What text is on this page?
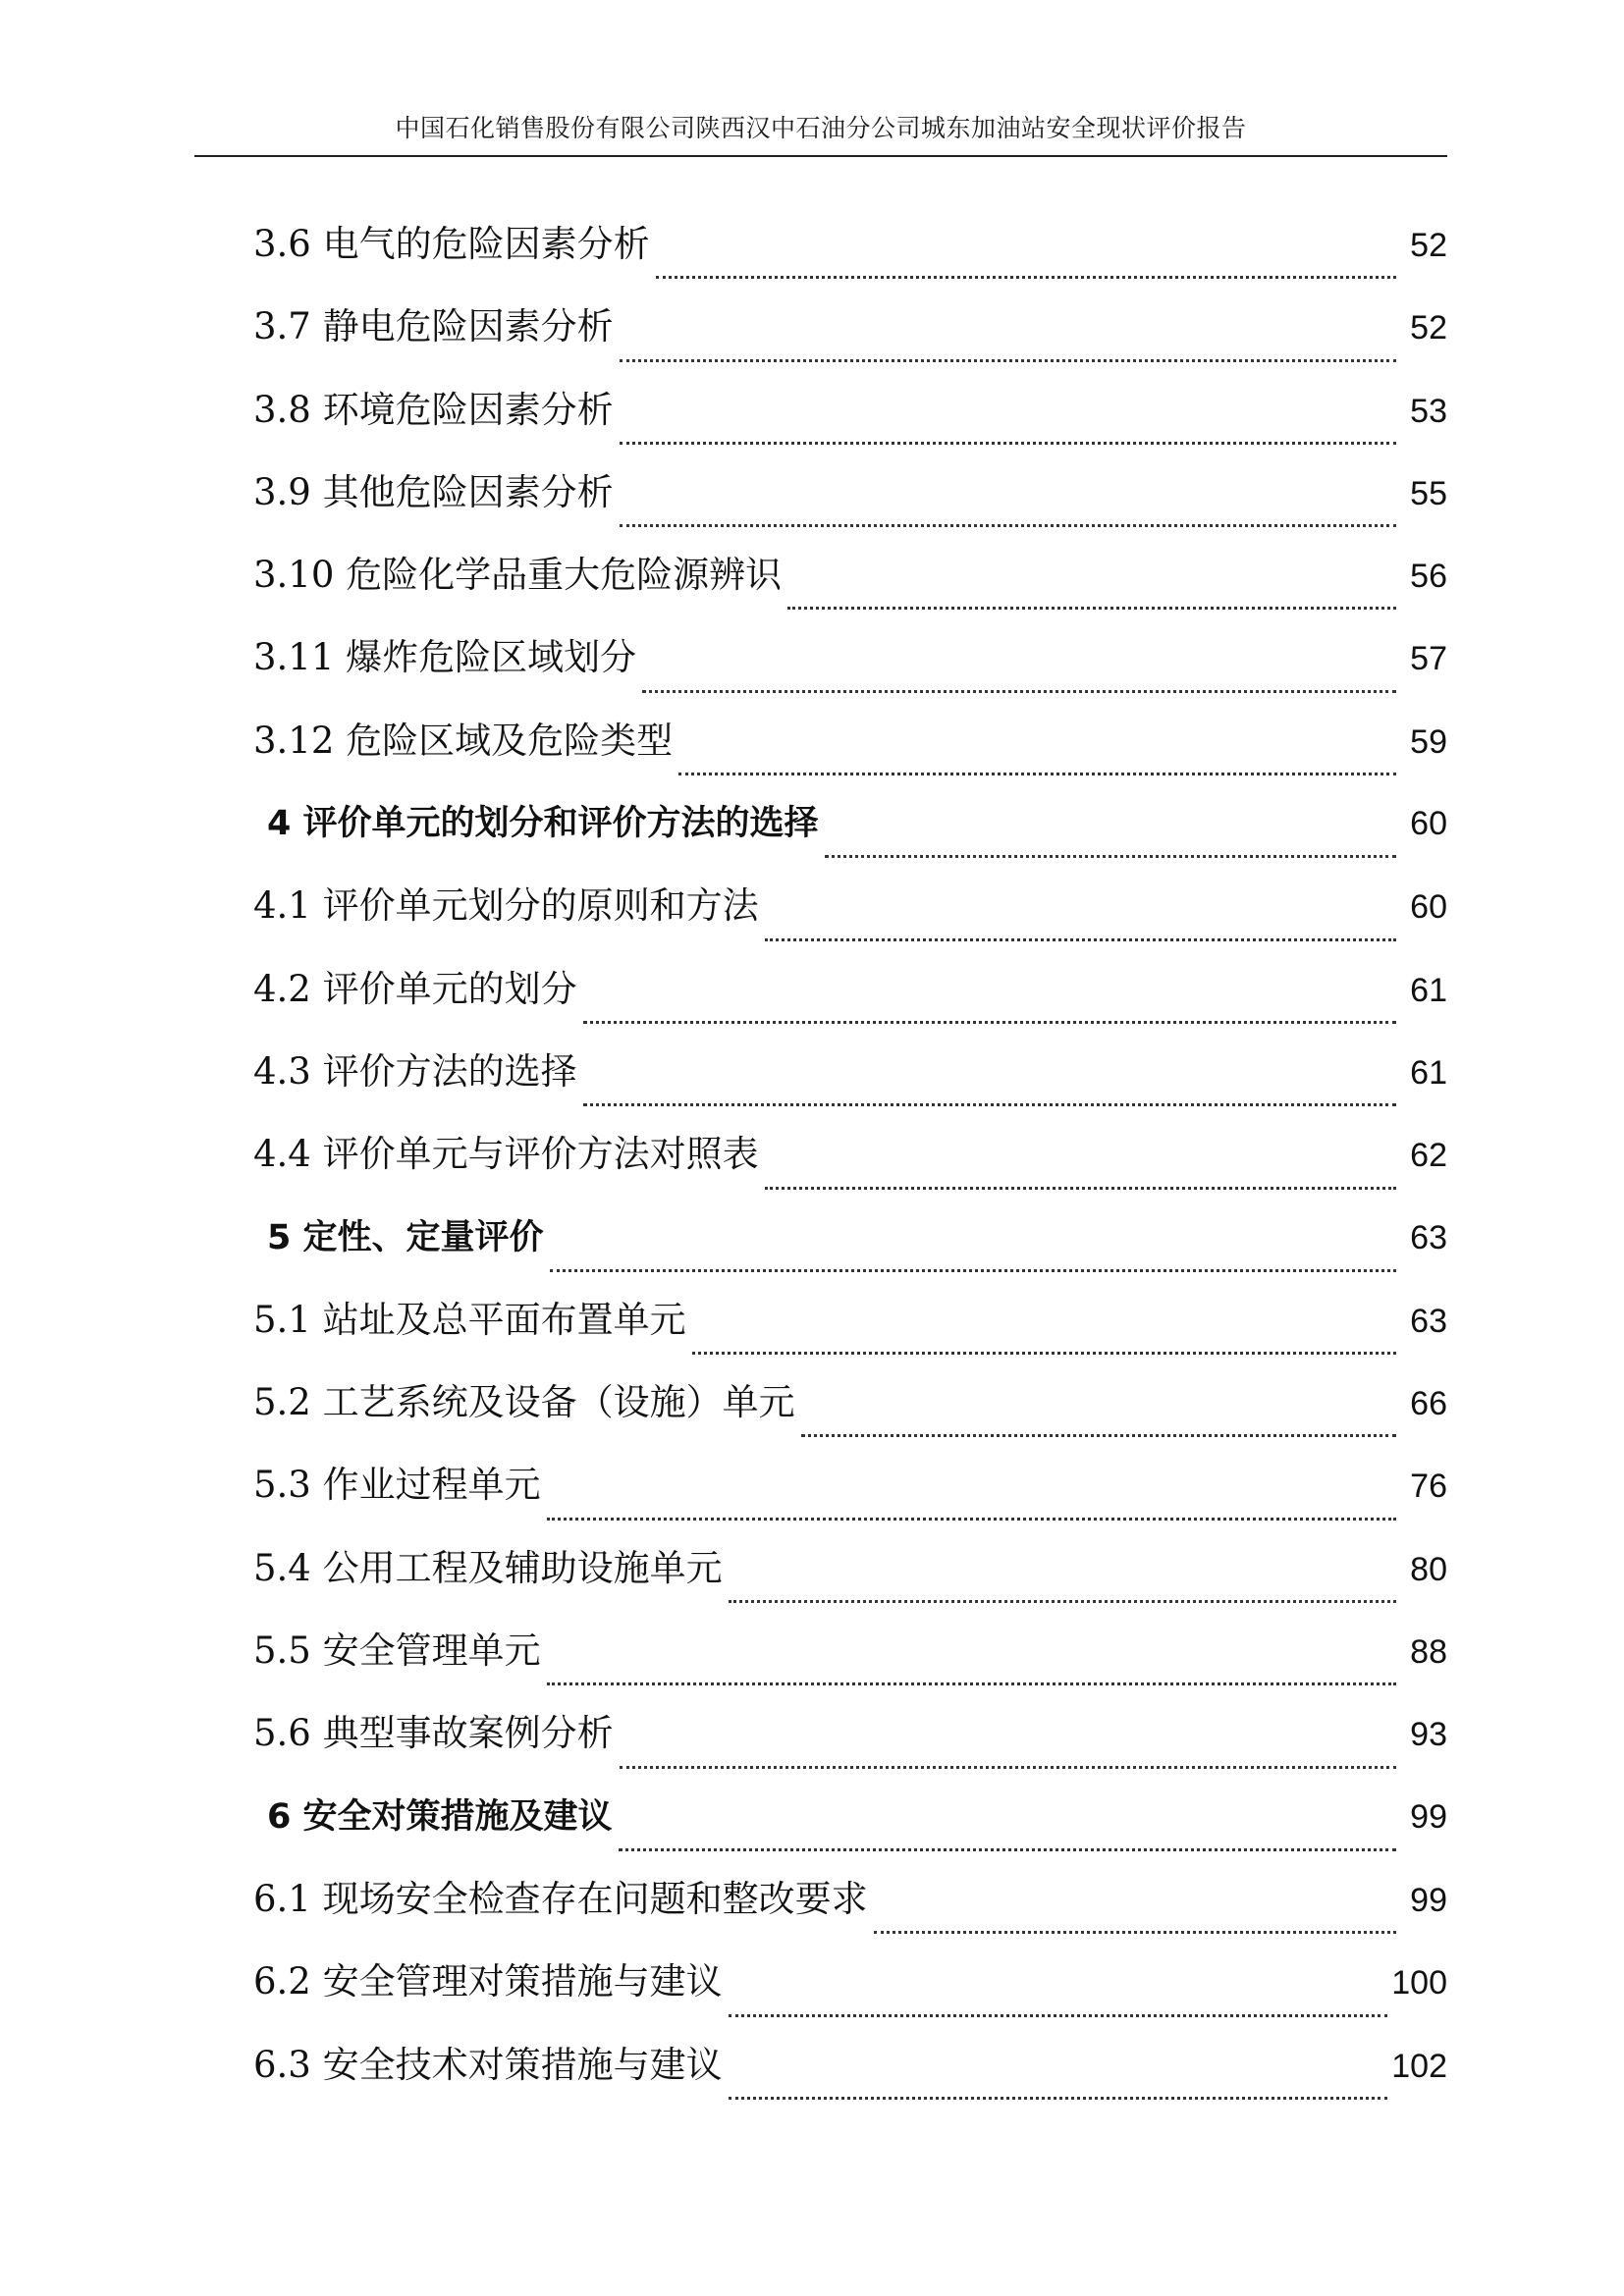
中国石化销售股份有限公司陕西汉中石油分公司城东加油站安全现状评价报告
3.6 电气的危险因素分析	52
3.7 静电危险因素分析	52
3.8 环境危险因素分析	53
3.9 其他危险因素分析	55
3.10 危险化学品重大危险源辨识	56
3.11 爆炸危险区域划分	57
3.12 危险区域及危险类型	59
4 评价单元的划分和评价方法的选择	60
4.1 评价单元划分的原则和方法	60
4.2 评价单元的划分	61
4.3 评价方法的选择	61
4.4 评价单元与评价方法对照表	62
5 定性、定量评价	63
5.1 站址及总平面布置单元	63
5.2 工艺系统及设备（设施）单元	66
5.3 作业过程单元	76
5.4 公用工程及辅助设施单元	80
5.5 安全管理单元	88
5.6 典型事故案例分析	93
6 安全对策措施及建议	99
6.1 现场安全检查存在问题和整改要求	99
6.2 安全管理对策措施与建议	100
6.3 安全技术对策措施与建议	102
